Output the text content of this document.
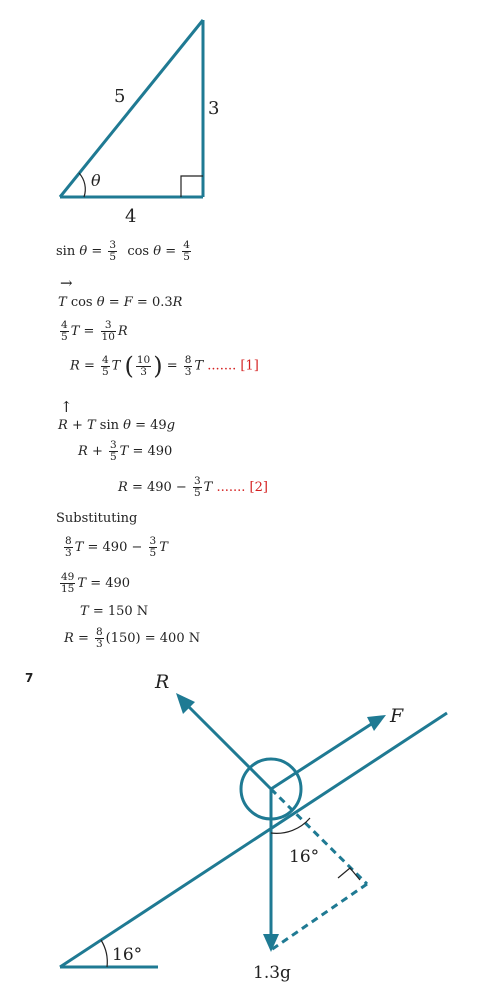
5
3
4
θ
R
F
16°
16°
1.3g
$\sin \theta = \frac{3}{5}$ $\cos \theta = \frac{4}{5}$
→
T cos θ = F = 0.3R
$\frac{4}{5}$ $T = \frac{3}{10}$ R
$R = \frac{4}{5}$ T ( $\frac{10}{3}$ ) = $\frac{8}{3}$ T ....... [1]
↑
R + T sin θ = 49g
$R + \frac{3}{5}$ T = 490
$R = 490 - \frac{3}{5}$ T ....... [2]
Substituting
$\frac{8}{3}$ $T = 490 - \frac{3}{5}$ T
$\frac{49}{15}$ T = 490
T = 150 N
$R = \frac{8}{3} (150) = 400$ N
7
